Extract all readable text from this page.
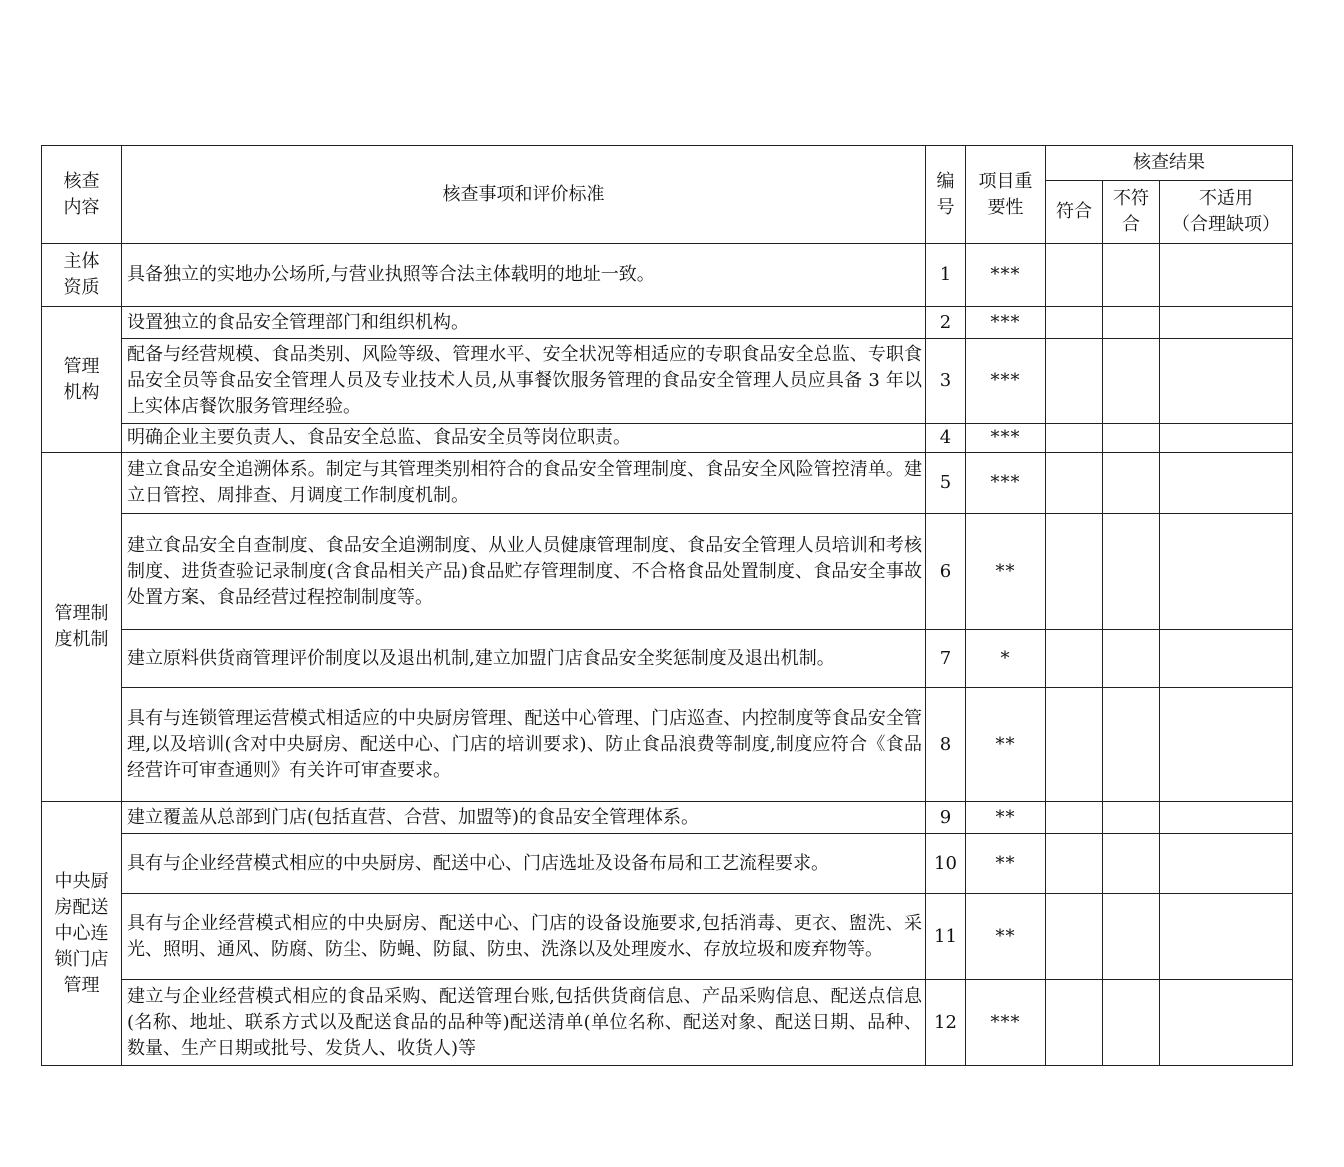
核查内容	核查事项和评价标准	编号	项目重要性	核查结果		
				符合	不符合	不适用
（合理缺项）

主体资质	具备独立的实地办公场所,与营业执照等合法主体载明的地址一致。	1	***			

管理机构	设置独立的食品安全管理部门和组织机构。	2	***			
	配备与经营规模、食品类别、风险等级、管理水平、安全状况等相适应的专职食品安全总监、专职食品安全员等食品安全管理人员及专业技术人员,从事餐饮服务管理的食品安全管理人员应具备 3 年以上实体店餐饮服务管理经验。	3	***			
	明确企业主要负责人、食品安全总监、食品安全员等岗位职责。	4	***			

管理制度机制	建立食品安全追溯体系。制定与其管理类别相符合的食品安全管理制度、食品安全风险管控清单。建立日管控、周排查、月调度工作制度机制。	5	***			
	建立食品安全自查制度、食品安全追溯制度、从业人员健康管理制度、食品安全管理人员培训和考核制度、进货查验记录制度(含食品相关产品)食品贮存管理制度、不合格食品处置制度、食品安全事故处置方案、食品经营过程控制制度等。	6	**			
	建立原料供货商管理评价制度以及退出机制,建立加盟门店食品安全奖惩制度及退出机制。	7	*			
	具有与连锁管理运营模式相适应的中央厨房管理、配送中心管理、门店巡查、内控制度等食品安全管理,以及培训(含对中央厨房、配送中心、门店的培训要求)、防止食品浪费等制度,制度应符合《食品经营许可审查通则》有关许可审查要求。	8	**			

中央厨房配送中心连锁门店管理	建立覆盖从总部到门店(包括直营、合营、加盟等)的食品安全管理体系。	9	**			
	具有与企业经营模式相应的中央厨房、配送中心、门店选址及设备布局和工艺流程要求。	10	**			
	具有与企业经营模式相应的中央厨房、配送中心、门店的设备设施要求,包括消毒、更衣、盥洗、采光、照明、通风、防腐、防尘、防蝇、防鼠、防虫、洗涤以及处理废水、存放垃圾和废弃物等。	11	**			
	建立与企业经营模式相应的食品采购、配送管理台账,包括供货商信息、产品采购信息、配送点信息(名称、地址、联系方式以及配送食品的品种等)配送清单(单位名称、配送对象、配送日期、品种、数量、生产日期或批号、发货人、收货人)等	12	***			
